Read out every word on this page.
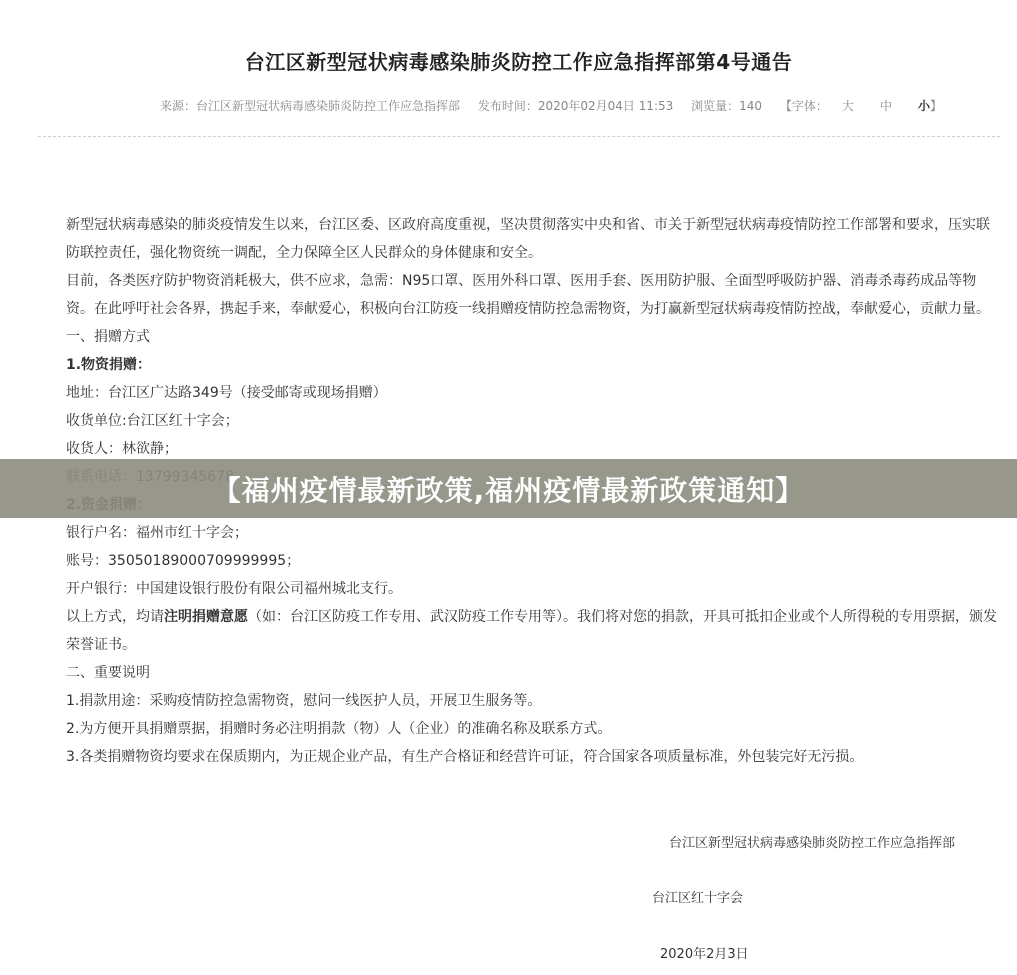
台江区新型冠状病毒感染肺炎防控工作应急指挥部第4号通告
来源：台江区新型冠状病毒感染肺炎防控工作应急指挥部 发布时间：2020年02月04日 11:53 浏览量：140 【字体： 大　 中　 小】

新型冠状病毒感染的肺炎疫情发生以来，台江区委、区政府高度重视，坚决贯彻落实中央和省、市关于新型冠状病毒疫情防控工作部署和要求，压实联防联控责任，强化物资统一调配，全力保障全区人民群众的身体健康和安全。

目前，各类医疗防护物资消耗极大，供不应求，急需：N95口罩、医用外科口罩、医用手套、医用防护服、全面型呼吸防护器、消毒杀毒药成品等物资。在此呼吁社会各界，携起手来，奉献爱心，积极向台江防疫一线捐赠疫情防控急需物资，为打赢新型冠状病毒疫情防控战，奉献爱心，贡献力量。

一、捐赠方式

1.物资捐赠：

地址：台江区广达路349号（接受邮寄或现场捐赠）

收货单位:台江区红十字会；

收货人：林欲静；

银行户名：福州市红十字会；

账号：35050189000709999995；

开户银行：中国建设银行股份有限公司福州城北支行。

以上方式，均请注明捐赠意愿（如：台江区防疫工作专用、武汉防疫工作专用等）。我们将对您的捐款，开具可抵扣企业或个人所得税的专用票据，颁发荣誉证书。

二、重要说明

1.捐款用途：采购疫情防控急需物资，慰问一线医护人员，开展卫生服务等。

2.为方便开具捐赠票据，捐赠时务必注明捐款（物）人（企业）的准确名称及联系方式。

3.各类捐赠物资均要求在保质期内，为正规企业产品，有生产合格证和经营许可证，符合国家各项质量标准，外包装完好无污损。

台江区新型冠状病毒感染肺炎防控工作应急指挥部
台江区红十字会
2020年2月3日
【福州疫情最新政策,福州疫情最新政策通知】
